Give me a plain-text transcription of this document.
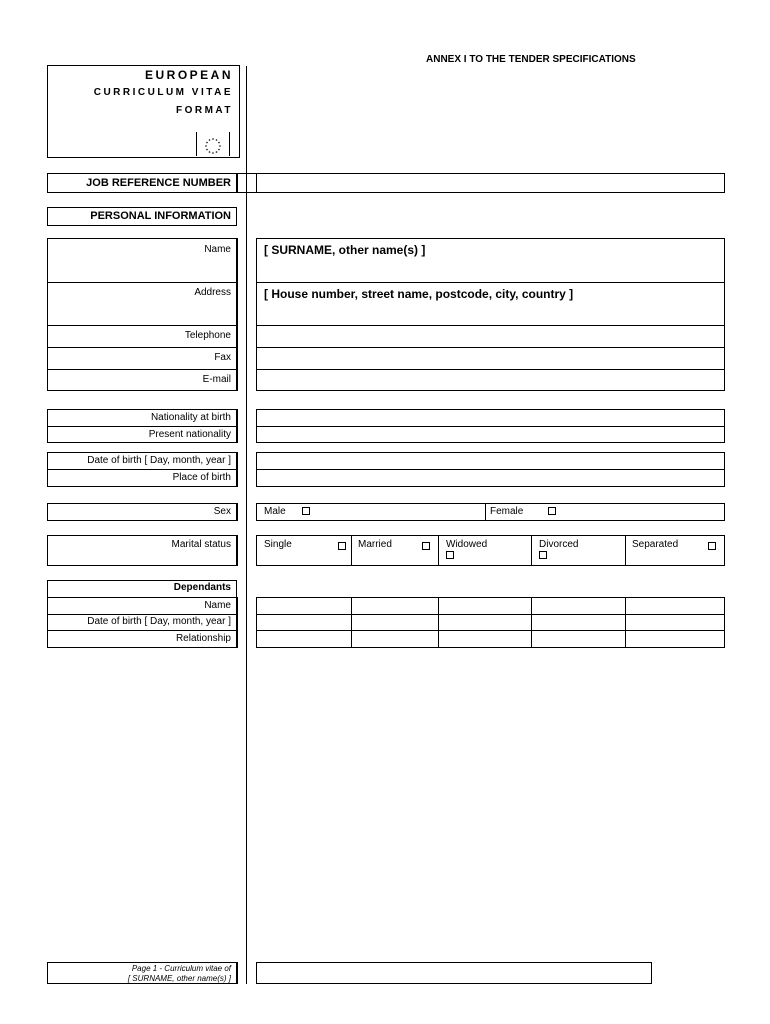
ANNEX I TO THE TENDER SPECIFICATIONS
EUROPEAN
CURRICULUM VITAE
FORMAT
JOB REFERENCE NUMBER
PERSONAL INFORMATION
Name	[ SURNAME, other name(s) ]
Address	[ House number, street name, postcode, city, country ]
Telephone
Fax
E-mail
Nationality at birth
Present nationality
Date of birth [ Day, month, year ]
Place of birth
Sex	Male	Female
Marital status	Single	Married	Widowed	Divorced	Separated
Dependants
Name
Date of birth [ Day, month, year ]
Relationship
Page 1 - Curriculum vitae of
[ SURNAME, other name(s) ]
